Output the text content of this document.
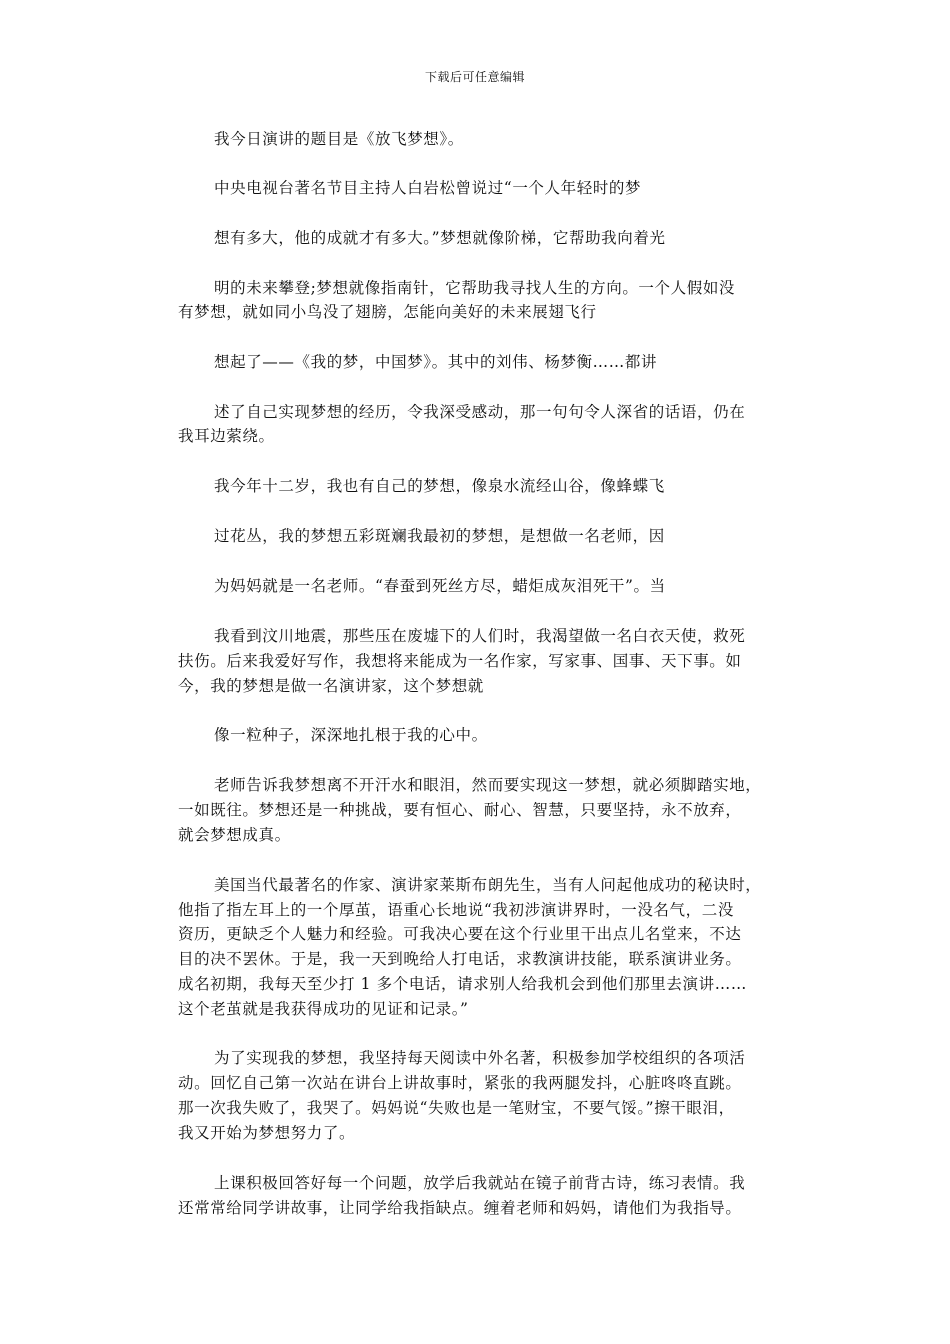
下载后可任意编辑
我今日演讲的题目是《放飞梦想》。
中央电视台著名节目主持人白岩松曾说过“一个人年轻时的梦
想有多大，他的成就才有多大。”梦想就像阶梯，它帮助我向着光
明的未来攀登;梦想就像指南针，它帮助我寻找人生的方向。一个人假如没
有梦想，就如同小鸟没了翅膀，怎能向美好的未来展翅飞行
想起了——《我的梦，中国梦》。其中的刘伟、杨梦衡……都讲
述了自己实现梦想的经历，令我深受感动，那一句句令人深省的话语，仍在
我耳边萦绕。
我今年十二岁，我也有自己的梦想，像泉水流经山谷，像蜂蝶飞
过花丛，我的梦想五彩斑斓我最初的梦想，是想做一名老师，因
为妈妈就是一名老师。“春蚕到死丝方尽，蜡炬成灰泪死干”。当
我看到汶川地震，那些压在废墟下的人们时，我渴望做一名白衣天使，救死
扶伤。后来我爱好写作，我想将来能成为一名作家，写家事、国事、天下事。如
今，我的梦想是做一名演讲家，这个梦想就
像一粒种子，深深地扎根于我的心中。
老师告诉我梦想离不开汗水和眼泪，然而要实现这一梦想，就必须脚踏实地，
一如既往。梦想还是一种挑战，要有恒心、耐心、智慧，只要坚持，永不放弃，
就会梦想成真。
美国当代最著名的作家、演讲家莱斯布朗先生，当有人问起他成功的秘诀时，
他指了指左耳上的一个厚茧，语重心长地说“我初涉演讲界时，一没名气，二没
资历，更缺乏个人魅力和经验。可我决心要在这个行业里干出点儿名堂来，不达
目的决不罢休。于是，我一天到晚给人打电话，求教演讲技能，联系演讲业务。
成名初期，我每天至少打 1 多个电话，请求别人给我机会到他们那里去演讲……
这个老茧就是我获得成功的见证和记录。”
为了实现我的梦想，我坚持每天阅读中外名著，积极参加学校组织的各项活
动。回忆自己第一次站在讲台上讲故事时，紧张的我两腿发抖，心脏咚咚直跳。
那一次我失败了，我哭了。妈妈说“失败也是一笔财宝，不要气馁。”擦干眼泪，
我又开始为梦想努力了。
上课积极回答好每一个问题，放学后我就站在镜子前背古诗，练习表情。我
还常常给同学讲故事，让同学给我指缺点。缠着老师和妈妈，请他们为我指导。
